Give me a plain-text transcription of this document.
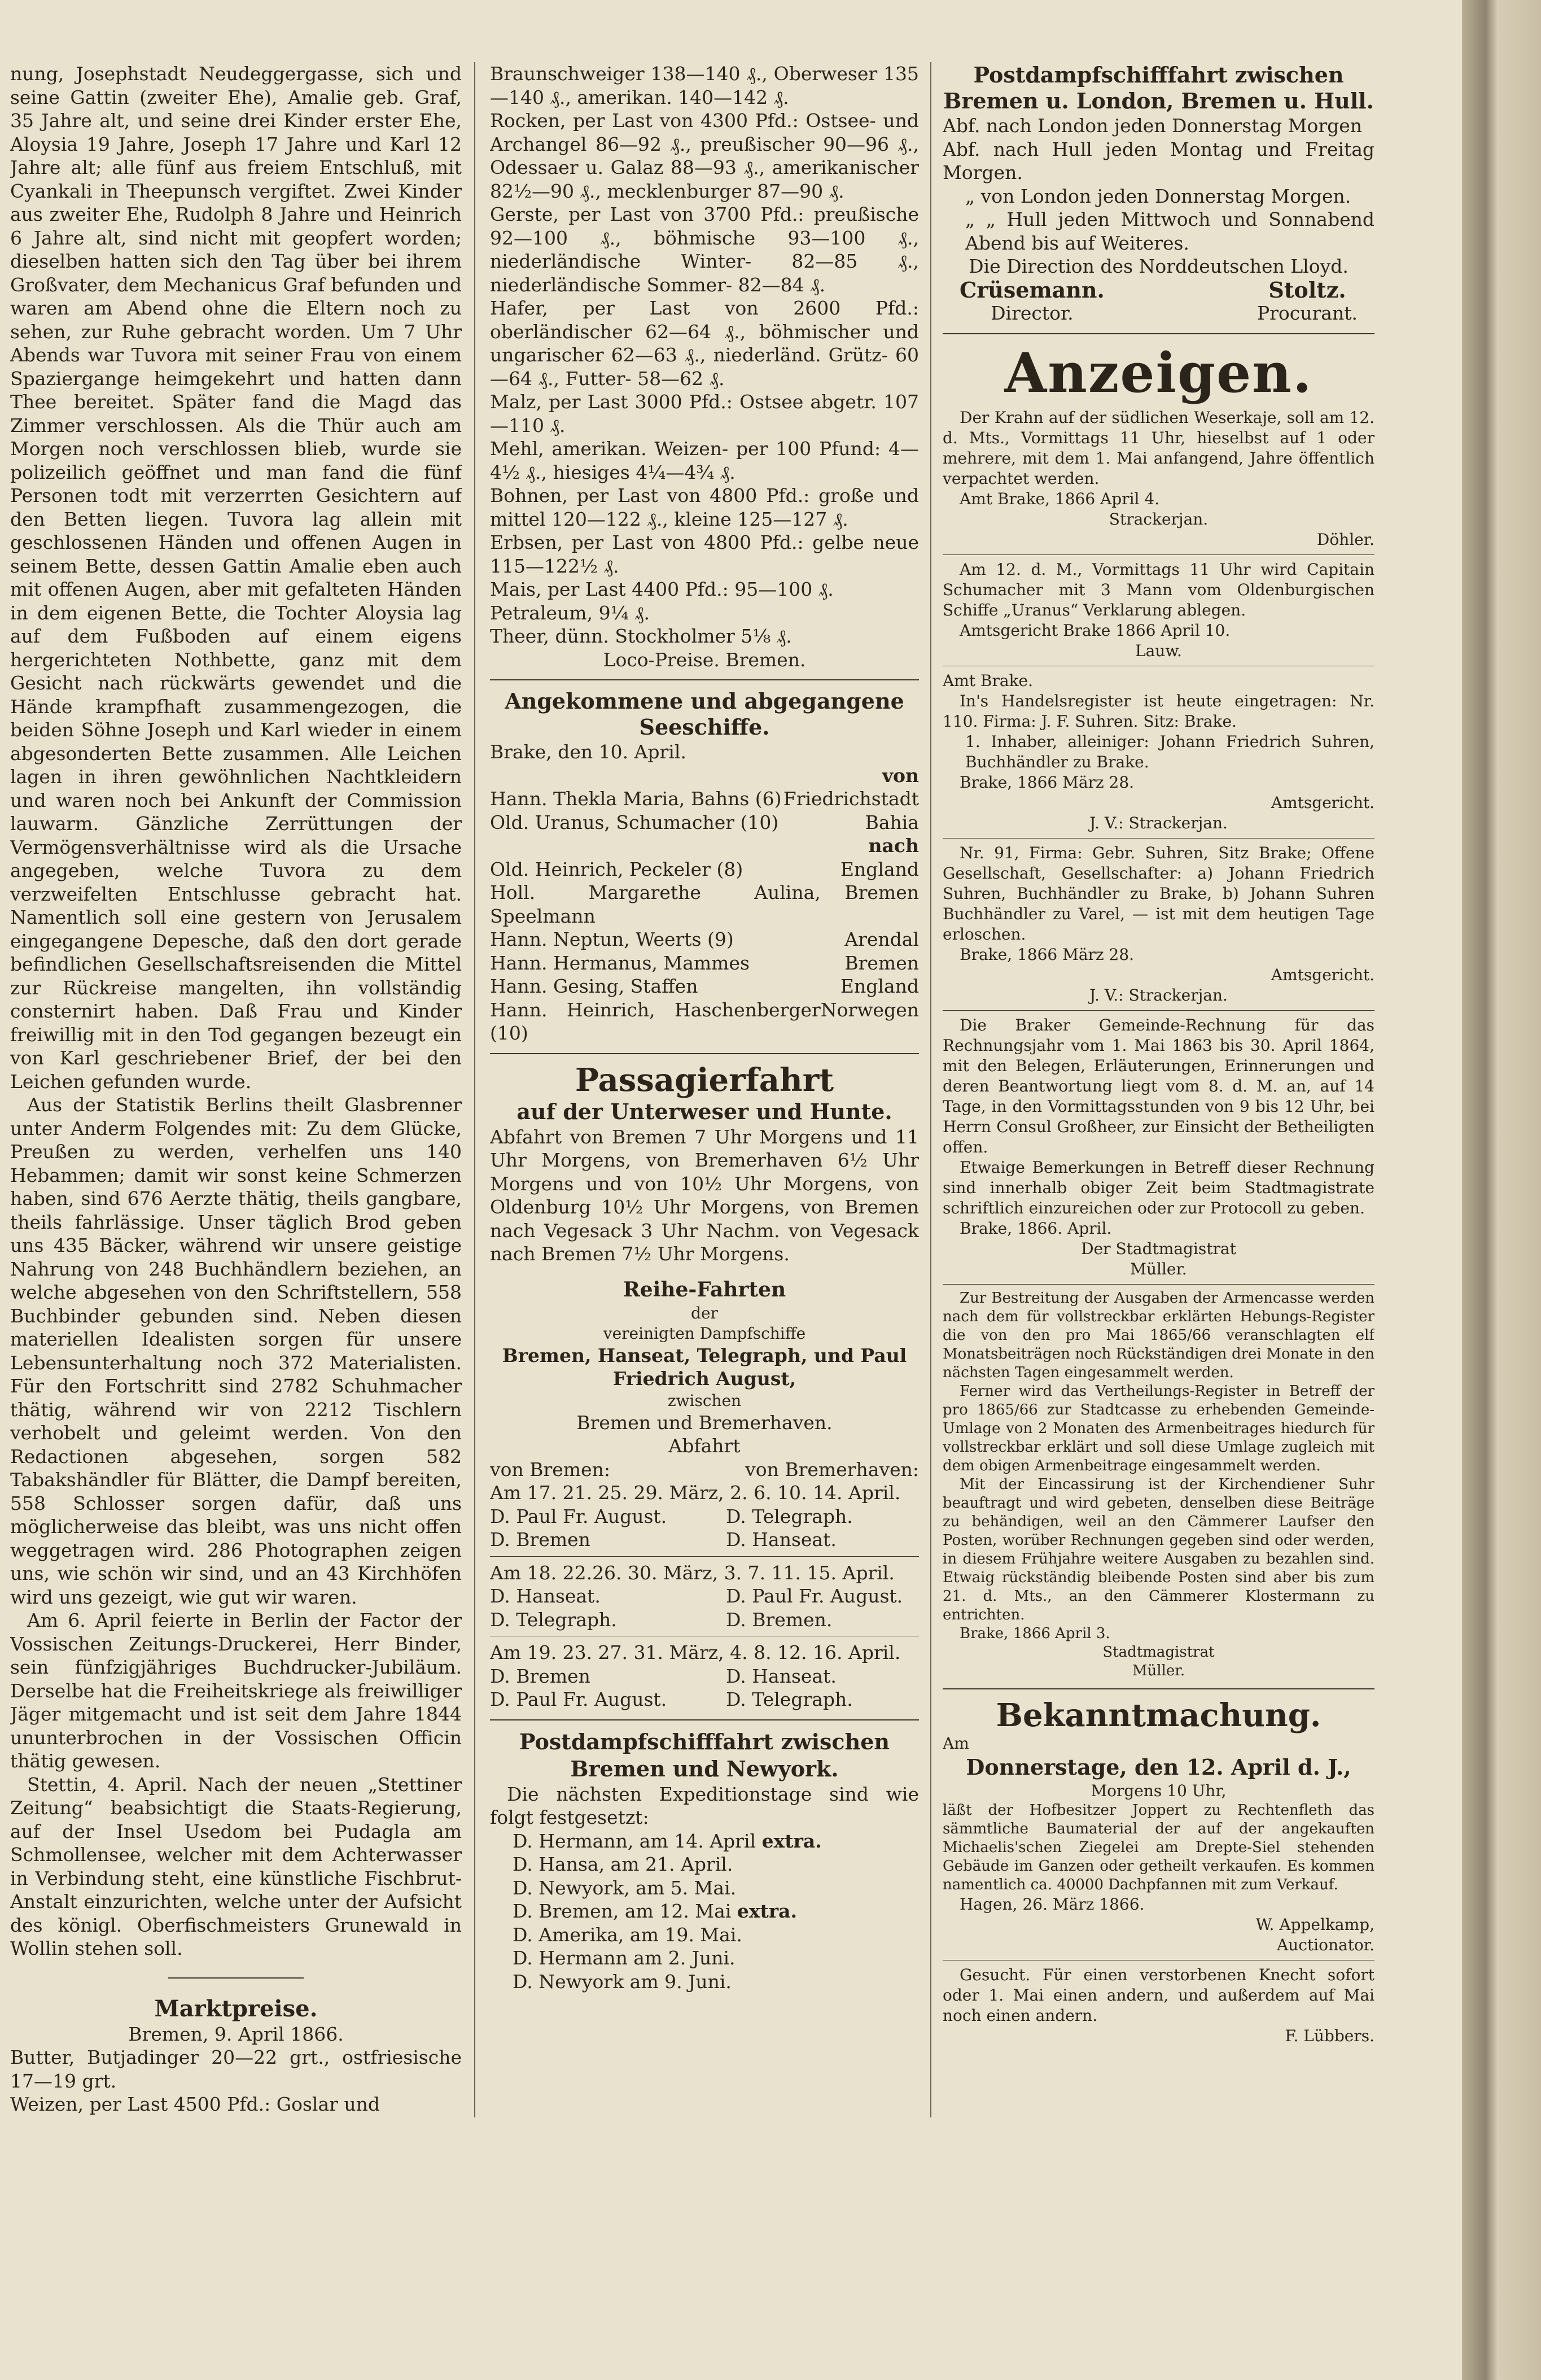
nung, Josephstadt Neudeggergasse, sich und seine Gattin (zweiter Ehe), Amalie geb. Graf, 35 Jahre alt, und seine drei Kinder erster Ehe, Aloysia 19 Jahre, Joseph 17 Jahre und Karl 12 Jahre alt; alle fünf aus freiem Entschluß, mit Cyankali in Theepunsch vergiftet. Zwei Kinder aus zweiter Ehe, Rudolph 8 Jahre und Heinrich 6 Jahre alt, sind nicht mit geopfert worden; dieselben hatten sich den Tag über bei ihrem Großvater, dem Mechanicus Graf befunden und waren am Abend ohne die Eltern noch zu sehen, zur Ruhe gebracht worden. Um 7 Uhr Abends war Tuvora mit seiner Frau von einem Spaziergange heimgekehrt und hatten dann Thee bereitet. Später fand die Magd das Zimmer verschlossen. Als die Thür auch am Morgen noch verschlossen blieb, wurde sie polizeilich geöffnet und man fand die fünf Personen todt mit verzerrten Gesichtern auf den Betten liegen. Tuvora lag allein mit geschlossenen Händen und offenen Augen in seinem Bette, dessen Gattin Amalie eben auch mit offenen Augen, aber mit gefalteten Händen in dem eigenen Bette, die Tochter Aloysia lag auf dem Fußboden auf einem eigens hergerichteten Nothbette, ganz mit dem Gesicht nach rückwärts gewendet und die Hände krampfhaft zusammengezogen, die beiden Söhne Joseph und Karl wieder in einem abgesonderten Bette zusammen. Alle Leichen lagen in ihren gewöhnlichen Nachtkleidern und waren noch bei Ankunft der Commission lauwarm. Gänzliche Zerrüttungen der Vermögensverhältnisse wird als die Ursache angegeben, welche Tuvora zu dem verzweifelten Entschlusse gebracht hat. Namentlich soll eine gestern von Jerusalem eingegangene Depesche, daß den dort gerade befindlichen Gesellschaftsreisenden die Mittel zur Rückreise mangelten, ihn vollständig consternirt haben. Daß Frau und Kinder freiwillig mit in den Tod gegangen bezeugt ein von Karl geschriebener Brief, der bei den Leichen gefunden wurde.

Aus der Statistik Berlins theilt Glasbrenner unter Anderm Folgendes mit: Zu dem Glücke, Preußen zu werden, verhelfen uns 140 Hebammen; damit wir sonst keine Schmerzen haben, sind 676 Aerzte thätig, theils gangbare, theils fahrlässige. Unser täglich Brod geben uns 435 Bäcker, während wir unsere geistige Nahrung von 248 Buchhändlern beziehen, an welche abgesehen von den Schriftstellern, 558 Buchbinder gebunden sind. Neben diesen materiellen Idealisten sorgen für unsere Lebensunterhaltung noch 372 Materialisten. Für den Fortschritt sind 2782 Schuhmacher thätig, während wir von 2212 Tischlern verhobelt und geleimt werden. Von den Redactionen abgesehen, sorgen 582 Tabakshändler für Blätter, die Dampf bereiten, 558 Schlosser sorgen dafür, daß uns möglicherweise das bleibt, was uns nicht offen weggetragen wird. 286 Photographen zeigen uns, wie schön wir sind, und an 43 Kirchhöfen wird uns gezeigt, wie gut wir waren.

Am 6. April feierte in Berlin der Factor der Vossischen Zeitungs-Druckerei, Herr Binder, sein fünfzigjähriges Buchdrucker-Jubiläum. Derselbe hat die Freiheitskriege als freiwilliger Jäger mitgemacht und ist seit dem Jahre 1844 ununterbrochen in der Vossischen Officin thätig gewesen.

Stettin, 4. April. Nach der neuen „Stettiner Zeitung“ beabsichtigt die Staats-Regierung, auf der Insel Usedom bei Pudagla am Schmollensee, welcher mit dem Achterwasser in Verbindung steht, eine künstliche Fischbrut-Anstalt einzurichten, welche unter der Aufsicht des königl. Oberfischmeisters Grunewald in Wollin stehen soll.

Marktpreise.
Bremen, 9. April 1866.

Butter, Butjadinger 20—22 grt., ostfriesische 17—19 grt.

Weizen, per Last 4500 Pfd.: Goslar und

Braunschweiger 138—140 ₰., Oberweser 135—140 ₰., amerikan. 140—142 ₰.

Rocken, per Last von 4300 Pfd.: Ostsee- und Archangel 86—92 ₰., preußischer 90—96 ₰., Odessaer u. Galaz 88—93 ₰., amerikanischer 82½—90 ₰., mecklenburger 87—90 ₰.

Gerste, per Last von 3700 Pfd.: preußische 92—100 ₰., böhmische 93—100 ₰., niederländische Winter- 82—85 ₰., niederländische Sommer- 82—84 ₰.

Hafer, per Last von 2600 Pfd.: oberländischer 62—64 ₰., böhmischer und ungarischer 62—63 ₰., niederländ. Grütz- 60—64 ₰., Futter- 58—62 ₰.

Malz, per Last 3000 Pfd.: Ostsee abgetr. 107—110 ₰.

Mehl, amerikan. Weizen- per 100 Pfund: 4—4½ ₰., hiesiges 4¼—4¾ ₰.

Bohnen, per Last von 4800 Pfd.: große und mittel 120—122 ₰., kleine 125—127 ₰.

Erbsen, per Last von 4800 Pfd.: gelbe neue 115—122½ ₰.

Mais, per Last 4400 Pfd.: 95—100 ₰.

Petraleum, 9¼ ₰.

Theer, dünn. Stockholmer 5⅛ ₰.

Loco-Preise. Bremen.
Angekommene und abgegangene Seeschiffe.
Brake, den 10. April.
von
Hann. Thekla Maria, Bahns (6)	Friedrichstadt
Old. Uranus, Schumacher (10)	Bahia
nach
Old. Heinrich, Peckeler (8)	England
Holl. Margarethe Aulina, Speelmann	Bremen
Hann. Neptun, Weerts (9)	Arendal
Hann. Hermanus, Mammes	Bremen
Hann. Gesing, Staffen	England
Hann. Heinrich, Haschenberger (10)	Norwegen
Passagierfahrt
auf der Unterweser und Hunte.

Abfahrt von Bremen 7 Uhr Morgens und 11 Uhr Morgens, von Bremerhaven 6½ Uhr Morgens und von 10½ Uhr Morgens, von Oldenburg 10½ Uhr Morgens, von Bremen nach Vegesack 3 Uhr Nachm. von Vegesack nach Bremen 7½ Uhr Morgens.

Reihe-Fahrten
der
vereinigten Dampfschiffe
Bremen, Hanseat, Telegraph, und Paul Friedrich August,
zwischen
Bremen und Bremerhaven.
Abfahrt
von Bremen:	von Bremerhaven:
Am 17. 21. 25. 29. März, 2. 6. 10. 14. April.
D. Paul Fr. August.	D. Telegraph.
D. Bremen	D. Hanseat.
Am 18. 22.26. 30. März, 3. 7. 11. 15. April.
D. Hanseat.	D. Paul Fr. August.
D. Telegraph.	D. Bremen.
Am 19. 23. 27. 31. März, 4. 8. 12. 16. April.
D. Bremen	D. Hanseat.
D. Paul Fr. August.	D. Telegraph.
Postdampfschifffahrt zwischen Bremen und Newyork.

Die nächsten Expeditionstage sind wie folgt festgesetzt:

D. Hermann, am 14. April extra.
D. Hansa, am 21. April.
D. Newyork, am 5. Mai.
D. Bremen, am 12. Mai extra.
D. Amerika, am 19. Mai.
D. Hermann am 2. Juni.
D. Newyork am 9. Juni.
Postdampfschifffahrt zwischen Bremen u. London, Bremen u. Hull.
Abf. nach London jeden Donnerstag Morgen
Abf. nach Hull jeden Montag und Freitag Morgen.
„ von London jeden Donnerstag Morgen.
„ „ Hull jeden Mittwoch und Sonnabend Abend bis auf Weiteres.
Die Direction des Norddeutschen Lloyd.
Crüsemann.
Director.
Stoltz.
Procurant.
Anzeigen.

Der Krahn auf der südlichen Weserkaje, soll am 12. d. Mts., Vormittags 11 Uhr, hieselbst auf 1 oder mehrere, mit dem 1. Mai anfangend, Jahre öffentlich verpachtet werden.

Amt Brake, 1866 April 4.

Strackerjan.
Döhler.

Am 12. d. M., Vormittags 11 Uhr wird Capitain Schumacher mit 3 Mann vom Oldenburgischen Schiffe „Uranus“ Verklarung ablegen.

Amtsgericht Brake 1866 April 10.

Lauw.
Amt Brake.

In's Handelsregister ist heute eingetragen: Nr. 110. Firma: J. F. Suhren. Sitz: Brake.

1. Inhaber, alleiniger: Johann Friedrich Suhren, Buchhändler zu Brake.

Brake, 1866 März 28.

Amtsgericht.
J. V.: Strackerjan.

Nr. 91, Firma: Gebr. Suhren, Sitz Brake; Offene Gesellschaft, Gesellschafter: a) Johann Friedrich Suhren, Buchhändler zu Brake, b) Johann Suhren Buchhändler zu Varel, — ist mit dem heutigen Tage erloschen.

Brake, 1866 März 28.

Amtsgericht.
J. V.: Strackerjan.

Die Braker Gemeinde-Rechnung für das Rechnungsjahr vom 1. Mai 1863 bis 30. April 1864, mit den Belegen, Erläuterungen, Erinnerungen und deren Beantwortung liegt vom 8. d. M. an, auf 14 Tage, in den Vormittagsstunden von 9 bis 12 Uhr, bei Herrn Consul Großheer, zur Einsicht der Betheiligten offen.

Etwaige Bemerkungen in Betreff dieser Rechnung sind innerhalb obiger Zeit beim Stadtmagistrate schriftlich einzureichen oder zur Protocoll zu geben.

Brake, 1866. April.

Der Stadtmagistrat
Müller.

Zur Bestreitung der Ausgaben der Armencasse werden nach dem für vollstreckbar erklärten Hebungs-Register die von den pro Mai 1865/66 veranschlagten elf Monatsbeiträgen noch Rückständigen drei Monate in den nächsten Tagen eingesammelt werden.

Ferner wird das Vertheilungs-Register in Betreff der pro 1865/66 zur Stadtcasse zu erhebenden Gemeinde-Umlage von 2 Monaten des Armenbeitrages hiedurch für vollstreckbar erklärt und soll diese Umlage zugleich mit dem obigen Armenbeitrage eingesammelt werden.

Mit der Eincassirung ist der Kirchendiener Suhr beauftragt und wird gebeten, denselben diese Beiträge zu behändigen, weil an den Cämmerer Laufser den Posten, worüber Rechnungen gegeben sind oder werden, in diesem Frühjahre weitere Ausgaben zu bezahlen sind. Etwaig rückständig bleibende Posten sind aber bis zum 21. d. Mts., an den Cämmerer Klostermann zu entrichten.

Brake, 1866 April 3.

Stadtmagistrat
Müller.
Bekanntmachung.
Am
Donnerstage, den 12. April d. J.,
Morgens 10 Uhr,

läßt der Hofbesitzer Joppert zu Rechtenfleth das sämmtliche Baumaterial der auf der angekauften Michaelis'schen Ziegelei am Drepte-Siel stehenden Gebäude im Ganzen oder getheilt verkaufen. Es kommen namentlich ca. 40000 Dachpfannen mit zum Verkauf.

Hagen, 26. März 1866.

W. Appelkamp,
Auctionator.

Gesucht. Für einen verstorbenen Knecht sofort oder 1. Mai einen andern, und außerdem auf Mai noch einen andern.

F. Lübbers.
